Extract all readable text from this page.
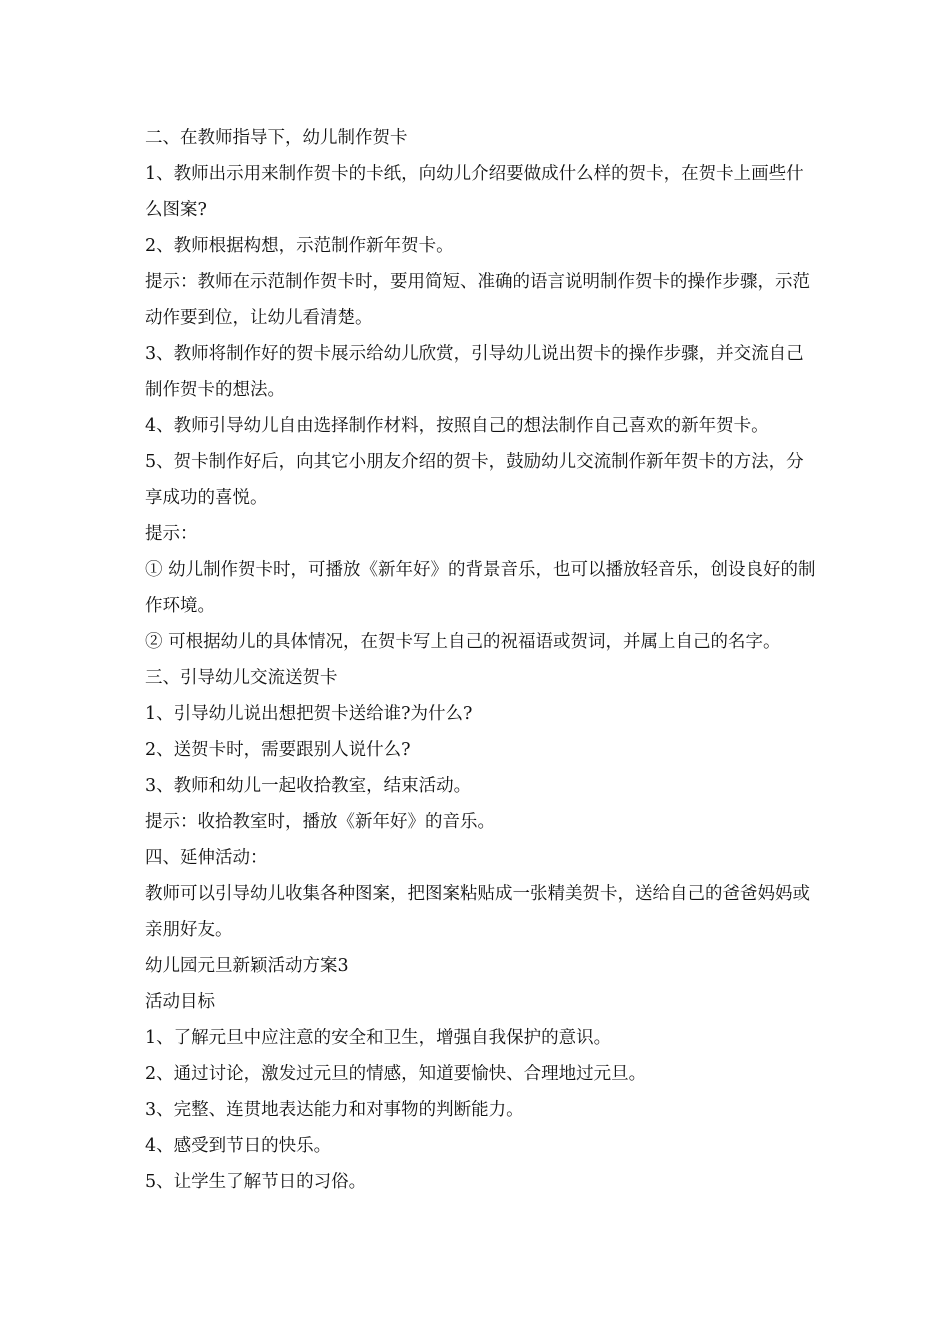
二、在教师指导下，幼儿制作贺卡

1、教师出示用来制作贺卡的卡纸，向幼儿介绍要做成什么样的贺卡，在贺卡上画些什么图案?

2、教师根据构想，示范制作新年贺卡。

提示：教师在示范制作贺卡时，要用简短、准确的语言说明制作贺卡的操作步骤，示范动作要到位，让幼儿看清楚。

3、教师将制作好的贺卡展示给幼儿欣赏，引导幼儿说出贺卡的操作步骤，并交流自己制作贺卡的想法。

4、教师引导幼儿自由选择制作材料，按照自己的想法制作自己喜欢的新年贺卡。

5、贺卡制作好后，向其它小朋友介绍的贺卡，鼓励幼儿交流制作新年贺卡的方法，分享成功的喜悦。

提示：

① 幼儿制作贺卡时，可播放《新年好》的背景音乐，也可以播放轻音乐，创设良好的制作环境。

② 可根据幼儿的具体情况，在贺卡写上自己的祝福语或贺词，并属上自己的名字。

三、引导幼儿交流送贺卡

1、引导幼儿说出想把贺卡送给谁?为什么?

2、送贺卡时，需要跟别人说什么?

3、教师和幼儿一起收拾教室，结束活动。

提示：收拾教室时，播放《新年好》的音乐。

四、延伸活动：

教师可以引导幼儿收集各种图案，把图案粘贴成一张精美贺卡，送给自己的爸爸妈妈或亲朋好友。

幼儿园元旦新颖活动方案3

活动目标

1、了解元旦中应注意的安全和卫生，增强自我保护的意识。

2、通过讨论，激发过元旦的情感，知道要愉快、合理地过元旦。

3、完整、连贯地表达能力和对事物的判断能力。

4、感受到节日的快乐。

5、让学生了解节日的习俗。
